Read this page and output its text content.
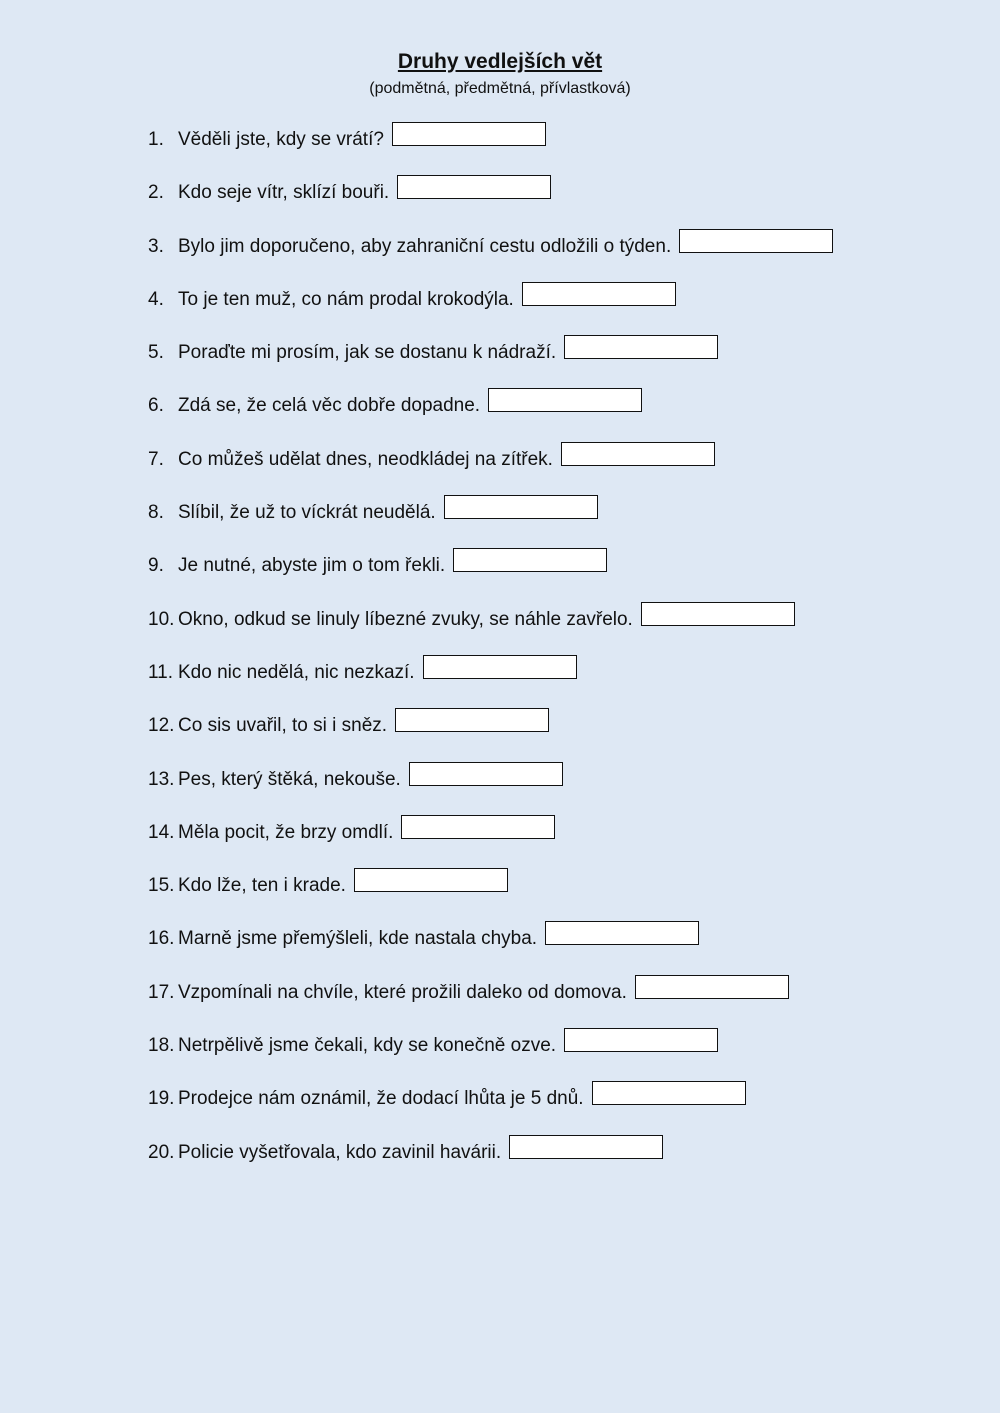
Druhy vedlejších vět
(podmětná, předmětná, přívlastková)
1. Věděli jste, kdy se vrátí?
2. Kdo seje vítr, sklízí bouři.
3. Bylo jim doporučeno, aby zahraniční cestu odložili o týden.
4. To je ten muž, co nám prodal krokodýla.
5. Poraďte mi prosím, jak se dostanu k nádraží.
6. Zdá se, že celá věc dobře dopadne.
7. Co můžeš udělat dnes, neodkládej na zítřek.
8. Slíbil, že už to víckrát neudělá.
9. Je nutné, abyste jim o tom řekli.
10. Okno, odkud se linuly líbezné zvuky, se náhle zavřelo.
11. Kdo nic nedělá, nic nezkazí.
12. Co sis uvařil, to si i sněz.
13. Pes, který štěká, nekouše.
14. Měla pocit, že brzy omdlí.
15. Kdo lže, ten i krade.
16. Marně jsme přemýšleli, kde nastala chyba.
17. Vzpomínali na chvíle, které prožili daleko od domova.
18. Netrpělivě jsme čekali, kdy se konečně ozve.
19. Prodejce nám oznámil, že dodací lhůta je 5 dnů.
20. Policie vyšetřovala, kdo zavinil havárii.
